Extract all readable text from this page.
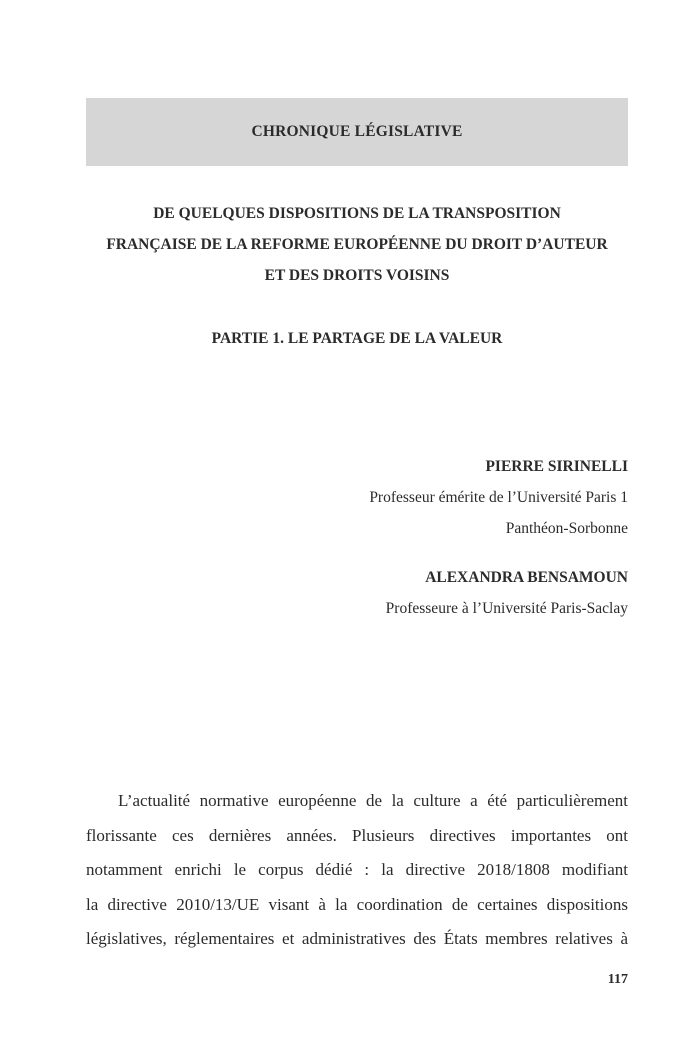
CHRONIQUE LÉGISLATIVE
DE QUELQUES DISPOSITIONS DE LA TRANSPOSITION
FRANÇAISE DE LA REFORME EUROPÉENNE DU DROIT D’AUTEUR
ET DES DROITS VOISINS
PARTIE 1. LE PARTAGE DE LA VALEUR
PIERRE SIRINELLI
Professeur émérite de l’Université Paris 1
Panthéon-Sorbonne
ALEXANDRA BENSAMOUN
Professeure à l’Université Paris-Saclay
L’actualité normative européenne de la culture a été particulièrement
florissante ces dernières années. Plusieurs directives importantes ont
notamment enrichi le corpus dédié : la directive 2018/1808 modifiant
la directive 2010/13/UE visant à la coordination de certaines dispositions
législatives, réglementaires et administratives des États membres relatives à
117
